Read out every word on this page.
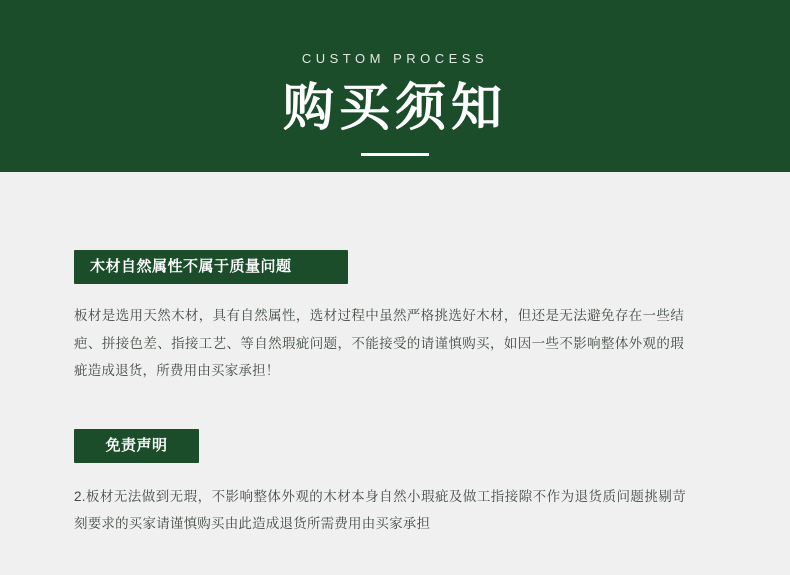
CUSTOM PROCESS
购买须知
木材自然属性不属于质量问题
板材是选用天然木材，具有自然属性，选材过程中虽然严格挑选好木材，但还是无法避免存在一些结疤、拼接色差、指接工艺、等自然瑕疵问题，不能接受的请谨慎购买，如因一些不影响整体外观的瑕疵造成退货，所费用由买家承担！
免责声明
2.板材无法做到无瑕，不影响整体外观的木材本身自然小瑕疵及做工指接隙不作为退货质问题挑剔苛刻要求的买家请谨慎购买由此造成退货所需费用由买家承担
